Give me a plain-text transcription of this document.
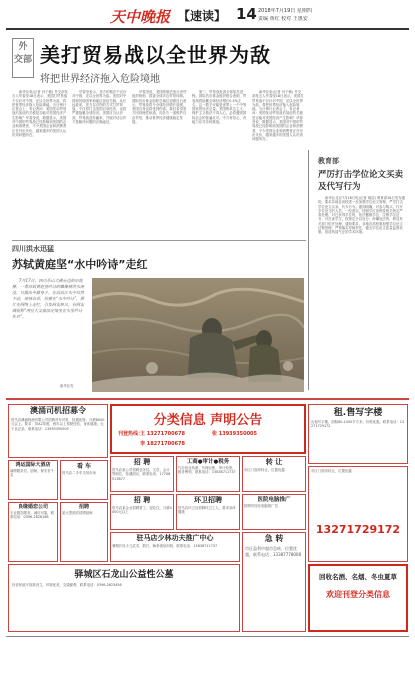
天中晚报 【速读】 14 2018年7月19日 星期四
责编 黄红 校对 王惠安
外
交部 美打贸易战以全世界为敌
将把世界经济拖入危险境地

新华社电(记者 闫子敏) 外交部发言人华春莹18日表示，美国打贸易战不仅针对中国，还以全世界为敌，将把世界经济拖入危险境地。当日例行记者会上，有记者问：美国发动贸易战后加征的关税是否能对美国经济产生影响？华春莹说，数据显示，美国对中国的贸易战已经影响到美国的企业和消费者，不少美国企业和消费者正在付出代价，越来越多的美国人认识到问题所在。

华春莹表示，美方的做法不仅针对中国，还以全世界为敌。美国对中国和其他国家和地区加征关税，从长远看来，美方以自伤的方式打贸易战，不仅将打击美国自身经济，也将严重拖累全球经济。美国应当认识到，贸易战没有赢家，开展对话合作才是解决问题的正确途径。

华春莹说，美国的做法违反世贸组织规则，损害全球多边贸易体制。国际货币基金组织总裁拉加德近日表示，贸易战将令全球经济增长放缓，美国自身也将受到伤害。我们希望美方回到理性轨道，同各方一道维护自由贸易，推动世界经济健康稳定发展。

第三，贸易战危害全球复苏进程。国际货币基金组织报告表明，贸易战将拖累全球经济增长0.5%左右。这一数字可能是世界上一个中等国家的经济总量。美国的单边主义、保护主义做法不得人心，必将遭到国际社会的普遍反对。中方有信心、有能力应对各种挑战。

新华社电(记者 闫子敏) 外交部发言人华春莹18日表示，美国打贸易战不仅针对中国，还以全世界为敌，将把世界经济拖入危险境地。当日例行记者会上，有记者问：美国发动贸易战后加征的关税是否能对美国经济产生影响？华春莹说，数据显示，美国对中国的贸易战已经影响到美国的企业和消费者，不少美国企业和消费者正在付出代价，越来越多的美国人认识到问题所在。

教育部
严厉打击学位论文买卖
及代写行为

新华社北京7月18日电(记者 胡浩) 教育部18日发布通知，要求各地各高校进一步加强学位论文管理，严厉打击学位论文买卖、代写行为。通知明确，对参与购买、代写学位论文的人员，一经查实，按照学位条例及相关规定严肃处理。对已获得学位的，依法撤销学位，注销学位证书；对在读学生，按规定予以处分；涉嫌违法的，移送有关部门依法处理。通知要求，各地各高校要加强学位论文过程管理，严格落实导师责任，健全学位论文质量监督机制，营造风清气正的学术环境。

四川洪水迅猛
苏轼黄庭坚“水中吟诗”走红

7月17日，四川乐山大佛旁边的东坡楼，一尊苏轼黄庭坚吟诗的雕像被洪水淹没，只露出半截身子，在滔滔江水中岿然不动，神情自若，仿佛在“水中吟诗”，照片在网络上走红，引发网友热议。有网友调侃称“两位大文豪淡定地坐在水里吟诗作对”。

新华社发
澳涌司机招募令
驻马店澳涌物流有限公司招聘货车司机，待遇优厚，月薪8000元以上。要求：持A2驾照，两年以上驾驶经验，身体健康，无不良记录。联系电话：13939350005
鸿运国际大酒店
诚聘服务员、厨师、保安若干名
看 车
驻马店二手车交易市场
良缘婚恋公司
专业婚恋服务，诚信可靠，联系电话：0396-2828188
招聘
某大型酒店招聘厨师
分类信息 声明公告
刊登热线：
王 13271700678	张 13939350005
李 18271700678
招 聘
驻马店某公司招聘业务员、文员、会计等职位，待遇面议，联系电话：17706513877
工商●审计●税务
代办营业执照、代理记账、审计验资、税务筹划，联系电话：15838711737
转 让
市区门面房转让，位置优越
招 聘
驻马店某企业招聘普工，包吃住，月薪4000元以上
环卫招聘
驻马店环卫处招聘环卫工人，要求身体健康
医院电脑推广
招聘有经验电脑推广员
驻马店少林功夫推广中心
暑期开设少儿武术、散打、跆拳道培训班，联系电话：15838711737
急 转
市区盈利中超市急转，位置优越，联系电话：13387778008
驿城区石龙山公益性公墓
经省民政厅批准设立，环境优美，交通便利，联系电话：0396-2623456
租.售写字楼
出租写字楼，面积80-1000平方米，价格优惠。联系电话：13271729172
市区门面房转让，位置优越
13271729172
回收名酒、名烟、冬虫夏草
欢迎刊登分类信息
